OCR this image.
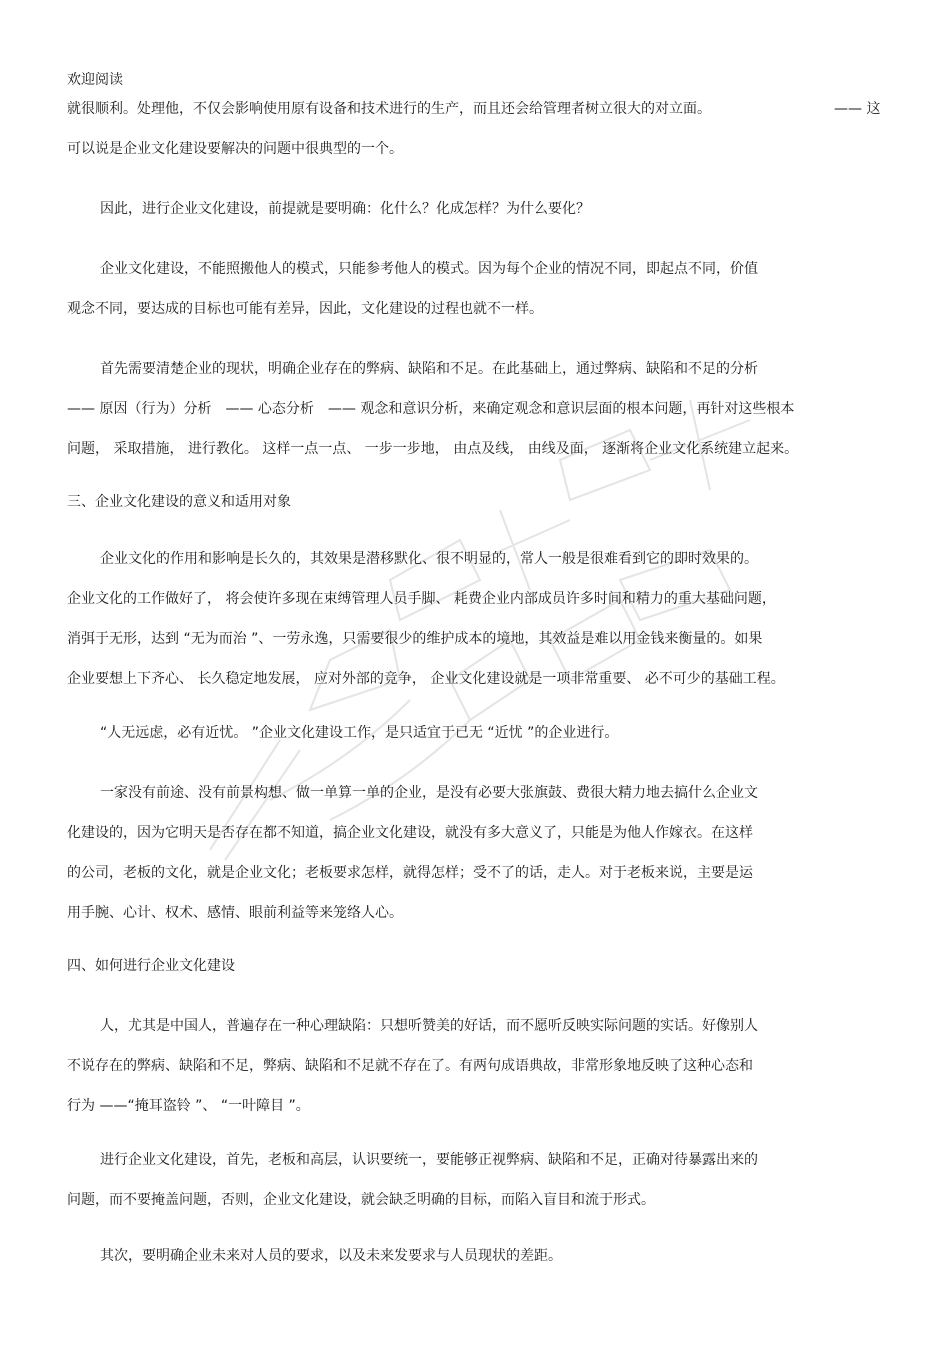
欢迎阅读
就很顺利。处理他，不仅会影响使用原有设备和技术进行的生产，而且还会给管理者树立很大的对立面。
可以说是企业文化建设要解决的问题中很典型的一个。
—— 这
因此，进行企业文化建设，前提就是要明确：化什么？化成怎样？为什么要化？
企业文化建设，不能照搬他人的模式，只能参考他人的模式。因为每个企业的情况不同，即起点不同，价值
观念不同，要达成的目标也可能有差异，因此，文化建设的过程也就不一样。
首先需要清楚企业的现状，明确企业存在的弊病、缺陷和不足。在此基础上，通过弊病、缺陷和不足的分析
—— 原因（行为）分析　—— 心态分析　—— 观念和意识分析，来确定观念和意识层面的根本问题，再针对这些根本
问题， 采取措施， 进行教化。 这样一点一点、 一步一步地， 由点及线， 由线及面， 逐渐将企业文化系统建立起来。
三、企业文化建设的意义和适用对象
企业文化的作用和影响是长久的，其效果是潜移默化、很不明显的，常人一般是很难看到它的即时效果的。
企业文化的工作做好了， 将会使许多现在束缚管理人员手脚、 耗费企业内部成员许多时间和精力的重大基础问题，
消弭于无形，达到 “无为而治 ”、一劳永逸，只需要很少的维护成本的境地，其效益是难以用金钱来衡量的。如果
企业要想上下齐心、 长久稳定地发展， 应对外部的竞争， 企业文化建设就是一项非常重要、 必不可少的基础工程。
“人无远虑，必有近忧。 ”企业文化建设工作，是只适宜于已无 “近忧 ”的企业进行。
一家没有前途、没有前景构想、做一单算一单的企业，是没有必要大张旗鼓、费很大精力地去搞什么企业文
化建设的，因为它明天是否存在都不知道，搞企业文化建设，就没有多大意义了，只能是为他人作嫁衣。在这样
的公司，老板的文化，就是企业文化；老板要求怎样，就得怎样；受不了的话，走人。对于老板来说，主要是运
用手腕、心计、权术、感情、眼前利益等来笼络人心。
四、如何进行企业文化建设
人，尤其是中国人，普遍存在一种心理缺陷：只想听赞美的好话，而不愿听反映实际问题的实话。好像别人
不说存在的弊病、缺陷和不足，弊病、缺陷和不足就不存在了。有两句成语典故，非常形象地反映了这种心态和
行为 ——“掩耳盗铃 ”、 “一叶障目 ”。
进行企业文化建设，首先，老板和高层，认识要统一，要能够正视弊病、缺陷和不足，正确对待暴露出来的
问题，而不要掩盖问题，否则，企业文化建设，就会缺乏明确的目标，而陷入盲目和流于形式。
其次，要明确企业未来对人员的要求，以及未来发要求与人员现状的差距。
